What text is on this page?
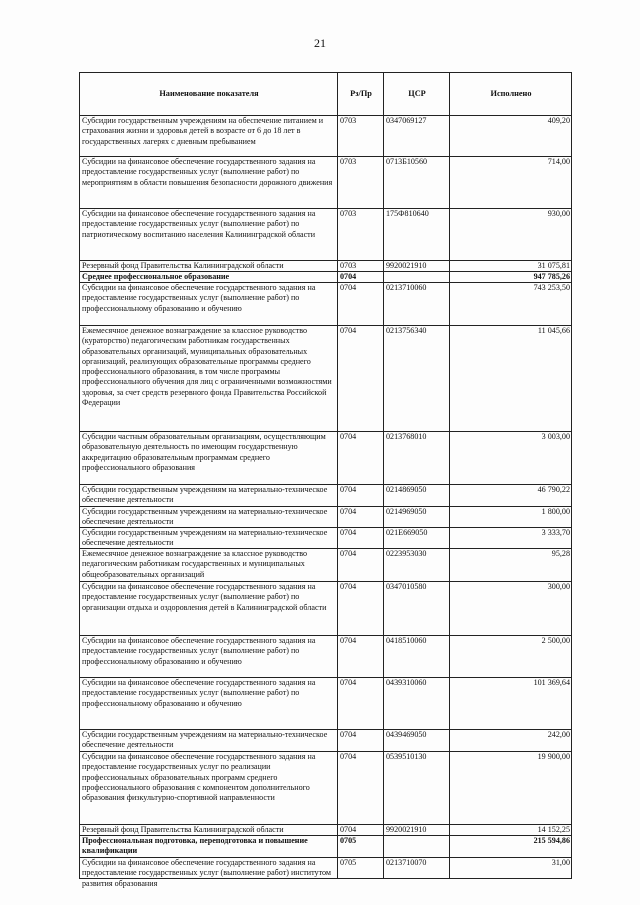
21
Наименование показателя	Рз/Пр	ЦСР	Исполнено

Субсидии государственным учреждениям на обеспечение питанием и страхования жизни и здоровья детей в возрасте от 6 до 18 лет в государственных лагерях с дневным пребыванием	0703	0347069127	409,20

Субсидии на финансовое обеспечение государственного задания на предоставление государственных услуг (выполнение работ) по мероприятиям в области повышения безопасности дорожного движения	0703	0713Б10560	714,00

Субсидии на финансовое обеспечение государственного задания на предоставление государственных услуг (выполнение работ) по патриотическому воспитанию населения Калининградской области	0703	175Ф810640	930,00

Резервный фонд Правительства Калининградской области	0703	9920021910	31 075,81

Среднее профессиональное образование	0704		947 785,26

Субсидии на финансовое обеспечение государственного задания на предоставление государственных услуг (выполнение работ) по профессиональному образованию и обучению	0704	0213710060	743 253,50

Ежемесячное денежное вознаграждение за классное руководство (кураторство) педагогическим работникам государственных образовательных организаций, муниципальных образовательных организаций, реализующих образовательные программы среднего профессионального образования, в том числе программы профессионального обучения для лиц с ограниченными возможностями здоровья, за счет средств резервного фонда Правительства Российской Федерации	0704	0213756340	11 045,66

Субсидии частным образовательным организациям, осуществляющим образовательную деятельность по имеющим государственную аккредитацию образовательным программам среднего профессионального образования	0704	0213768010	3 003,00

Субсидии государственным учреждениям на материально-техническое обеспечение деятельности	0704	0214869050	46 790,22

Субсидии государственным учреждениям на материально-техническое обеспечение деятельности	0704	0214969050	1 800,00

Субсидии государственным учреждениям на материально-техническое обеспечение деятельности	0704	021Е669050	3 333,70

Ежемесячное денежное вознаграждение за классное руководство педагогическим работникам государственных и муниципальных общеобразовательных организаций	0704	0223953030	95,28

Субсидии на финансовое обеспечение государственного задания на предоставление государственных услуг (выполнение работ) по организации отдыха и оздоровления детей в Калининградской области	0704	0347010580	300,00

Субсидии на финансовое обеспечение государственного задания на предоставление государственных услуг (выполнение работ) по профессиональному образованию и обучению	0704	0418510060	2 500,00

Субсидии на финансовое обеспечение государственного задания на предоставление государственных услуг (выполнение работ) по профессиональному образованию и обучению	0704	0439310060	101 369,64

Субсидии государственным учреждениям на материально-техническое обеспечение деятельности	0704	0439469050	242,00

Субсидии на финансовое обеспечение государственного задания на предоставление государственных услуг по реализации профессиональных образовательных программ среднего профессионального образования с компонентом дополнительного образования физкультурно-спортивной направленности	0704	0539510130	19 900,00

Резервный фонд Правительства Калининградской области	0704	9920021910	14 152,25

Профессиональная подготовка, переподготовка и повышение квалификации	0705		215 594,86

Субсидии на финансовое обеспечение государственного задания на предоставление государственных услуг (выполнение работ) институтом развития образования	0705	0213710070	31,00
